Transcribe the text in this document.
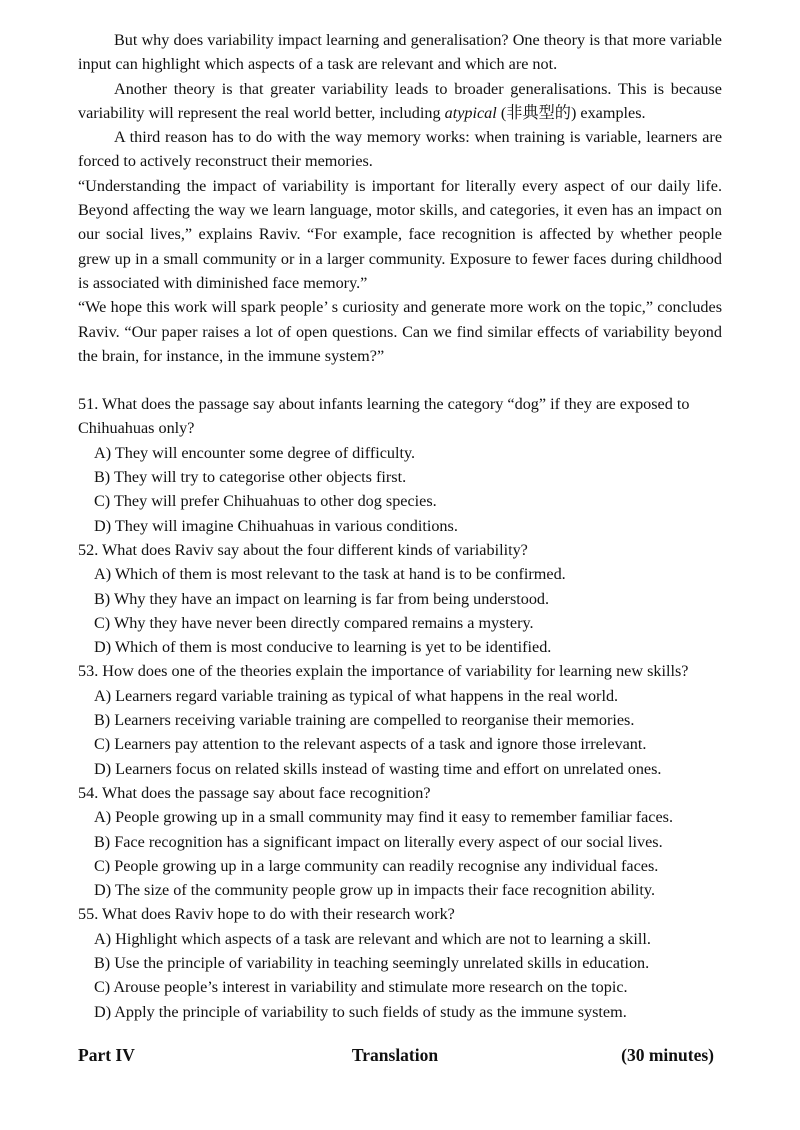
But why does variability impact learning and generalisation? One theory is that more variable input can highlight which aspects of a task are relevant and which are not.

Another theory is that greater variability leads to broader generalisations. This is because variability will represent the real world better, including atypical (非典型的) examples.

A third reason has to do with the way memory works: when training is variable, learners are forced to actively reconstruct their memories.

“Understanding the impact of variability is important for literally every aspect of our daily life. Beyond affecting the way we learn language, motor skills, and categories, it even has an impact on our social lives,” explains Raviv. “For example, face recognition is affected by whether people grew up in a small community or in a larger community. Exposure to fewer faces during childhood is associated with diminished face memory.”

“We hope this work will spark people’ s curiosity and generate more work on the topic,” concludes Raviv. “Our paper raises a lot of open questions. Can we find similar effects of variability beyond the brain, for instance, in the immune system?”

51. What does the passage say about infants learning the category “dog” if they are exposed to Chihuahuas only?

A) They will encounter some degree of difficulty.

B) They will try to categorise other objects first.

C) They will prefer Chihuahuas to other dog species.

D) They will imagine Chihuahuas in various conditions.

52. What does Raviv say about the four different kinds of variability?

A) Which of them is most relevant to the task at hand is to be confirmed.

B) Why they have an impact on learning is far from being understood.

C) Why they have never been directly compared remains a mystery.

D) Which of them is most conducive to learning is yet to be identified.

53. How does one of the theories explain the importance of variability for learning new skills?

A) Learners regard variable training as typical of what happens in the real world.

B) Learners receiving variable training are compelled to reorganise their memories.

C) Learners pay attention to the relevant aspects of a task and ignore those irrelevant.

D) Learners focus on related skills instead of wasting time and effort on unrelated ones.

54. What does the passage say about face recognition?

A) People growing up in a small community may find it easy to remember familiar faces.

B) Face recognition has a significant impact on literally every aspect of our social lives.

C) People growing up in a large community can readily recognise any individual faces.

D) The size of the community people grow up in impacts their face recognition ability.

55. What does Raviv hope to do with their research work?

A) Highlight which aspects of a task are relevant and which are not to learning a skill.

B) Use the principle of variability in teaching seemingly unrelated skills in education.

C) Arouse people’s interest in variability and stimulate more research on the topic.

D) Apply the principle of variability to such fields of study as the immune system.

Part IV	Translation	(30 minutes)
